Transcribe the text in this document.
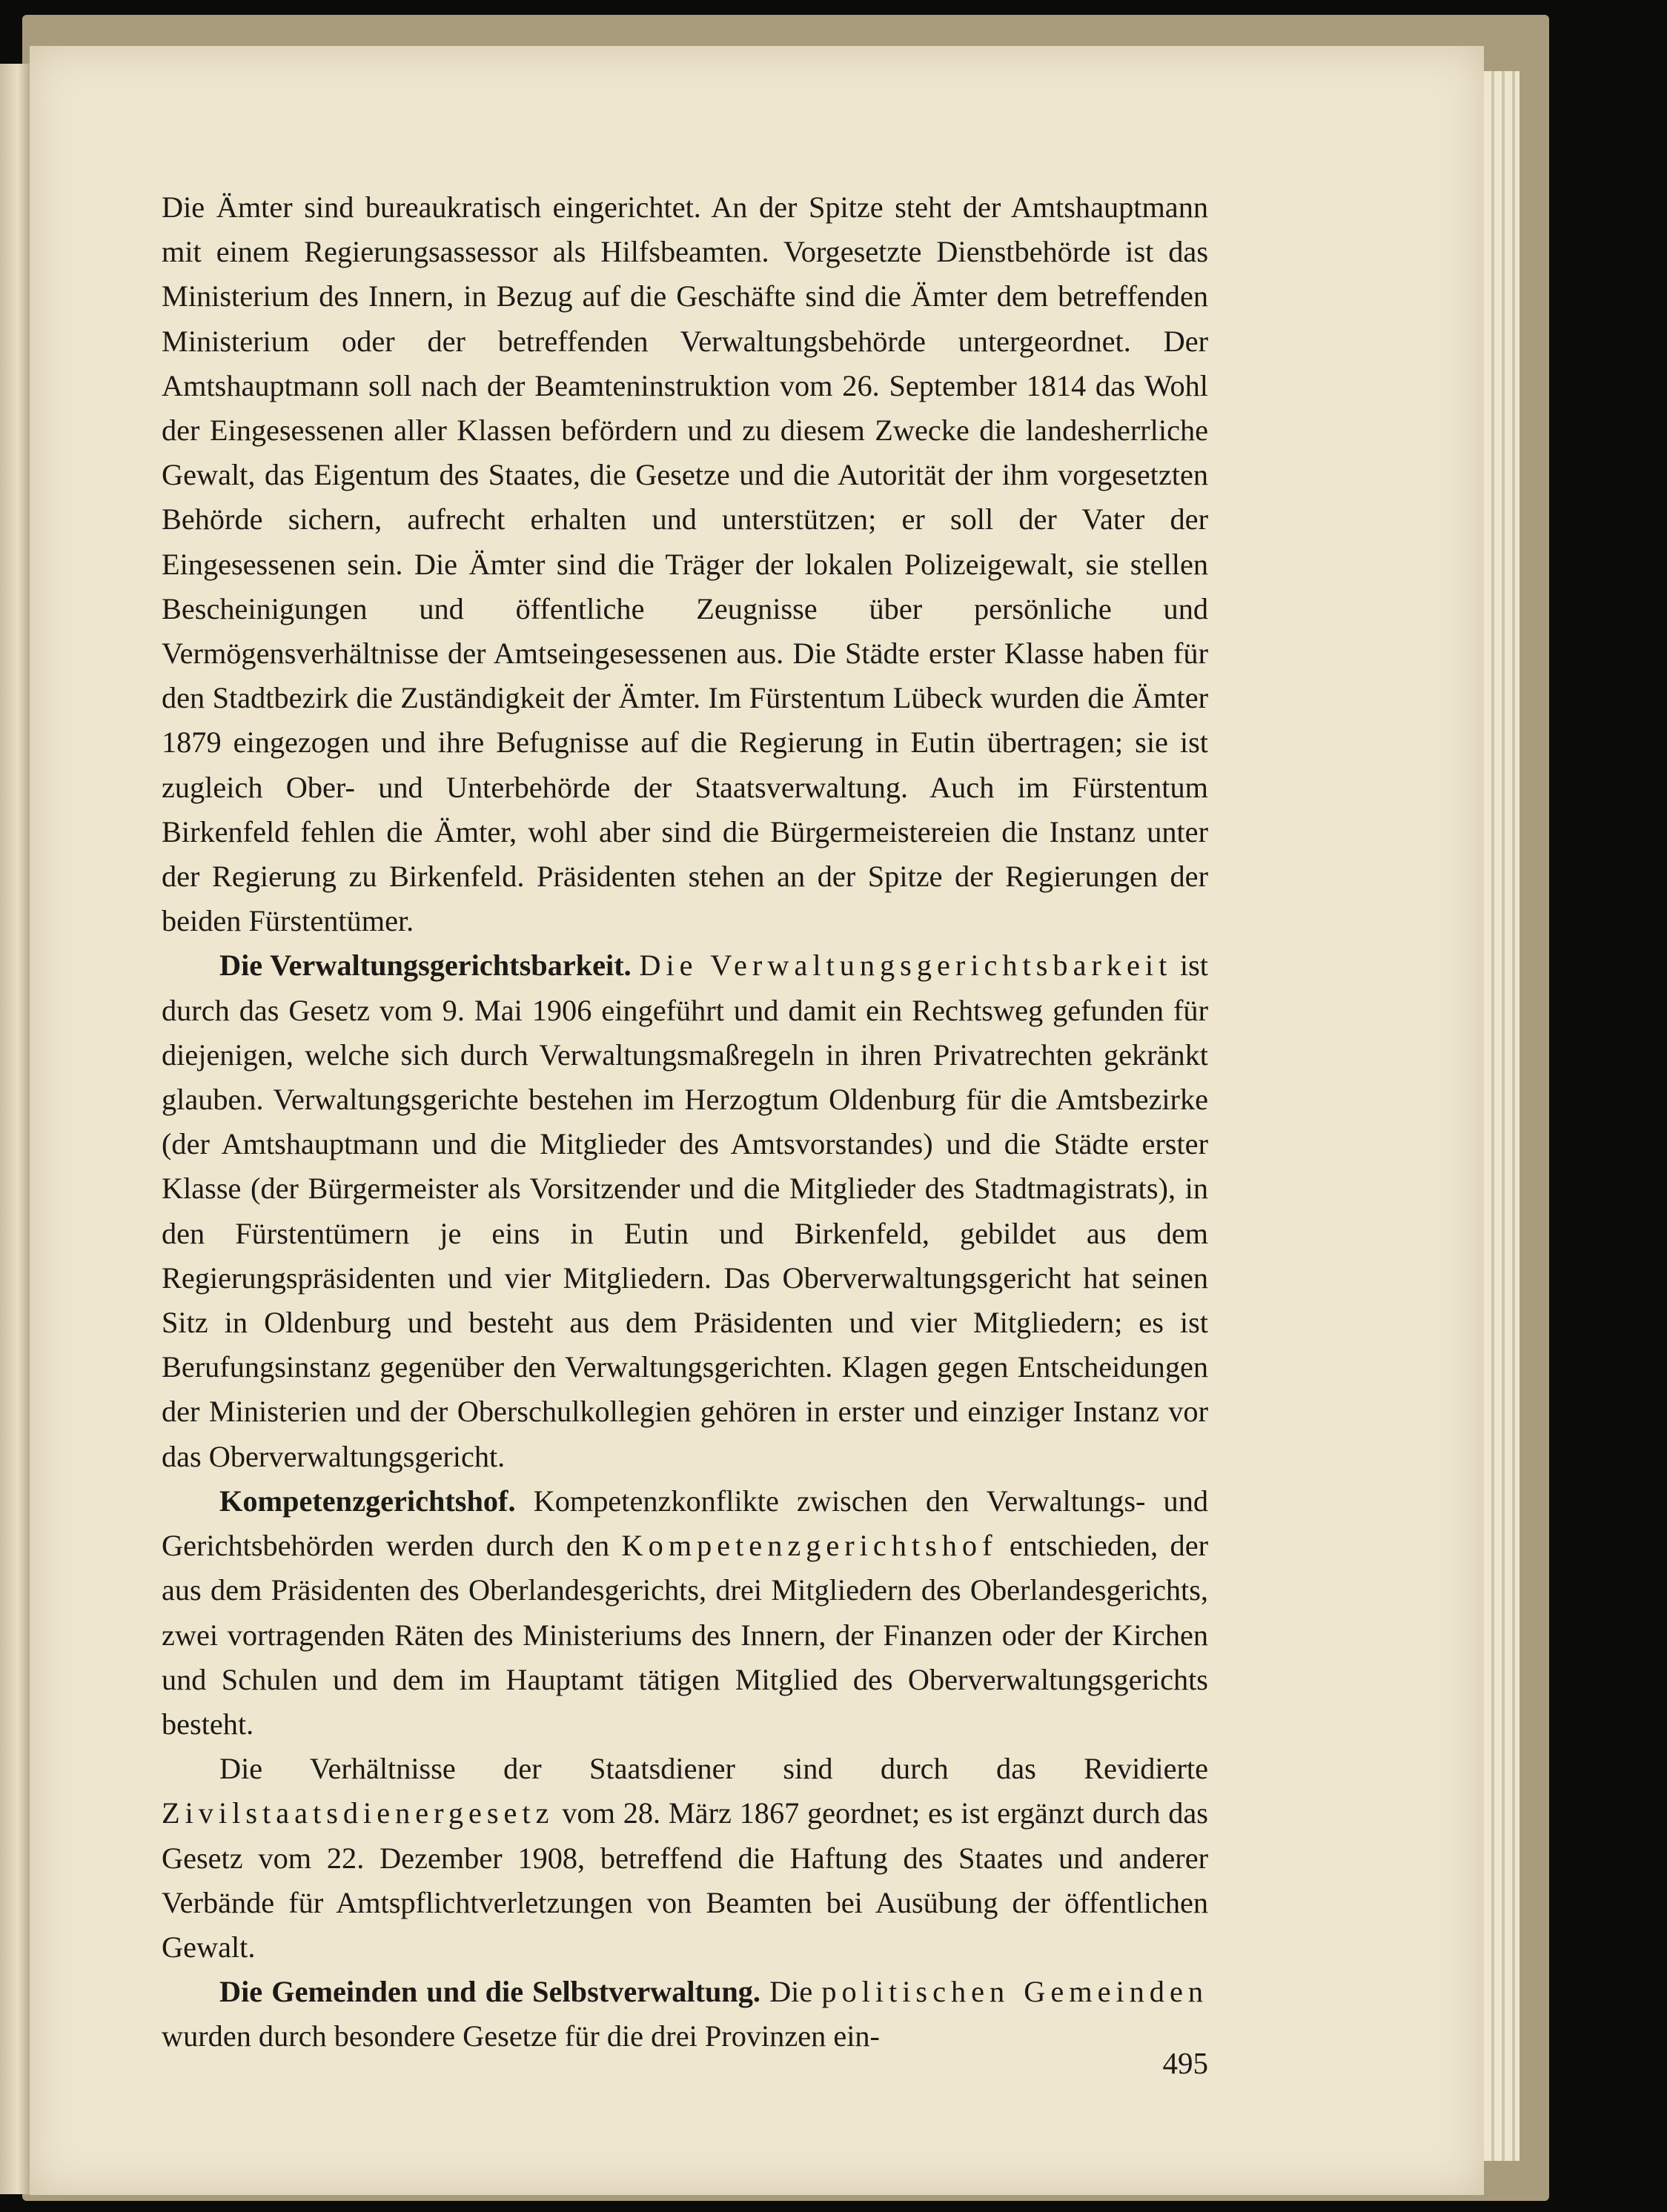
Die Ämter sind bureaukratisch eingerichtet. An der Spitze steht der Amtshauptmann mit einem Regierungsassessor als Hilfsbeamten. Vorgesetzte Dienstbehörde ist das Ministerium des Innern, in Bezug auf die Geschäfte sind die Ämter dem betreffenden Ministerium oder der betreffenden Verwaltungsbehörde untergeordnet. Der Amtshauptmann soll nach der Beamteninstruktion vom 26. September 1814 das Wohl der Eingesessenen aller Klassen befördern und zu diesem Zwecke die landesherrliche Gewalt, das Eigentum des Staates, die Gesetze und die Autorität der ihm vorgesetzten Behörde sichern, aufrecht erhalten und unterstützen; er soll der Vater der Eingesessenen sein. Die Ämter sind die Träger der lokalen Polizeigewalt, sie stellen Bescheinigungen und öffentliche Zeugnisse über persönliche und Vermögensverhältnisse der Amtseingesessenen aus. Die Städte erster Klasse haben für den Stadtbezirk die Zuständigkeit der Ämter. Im Fürstentum Lübeck wurden die Ämter 1879 eingezogen und ihre Befugnisse auf die Regierung in Eutin übertragen; sie ist zugleich Ober- und Unterbehörde der Staatsverwaltung. Auch im Fürstentum Birkenfeld fehlen die Ämter, wohl aber sind die Bürgermeistereien die Instanz unter der Regierung zu Birkenfeld. Präsidenten stehen an der Spitze der Regierungen der beiden Fürstentümer.

Die Verwaltungsgerichtsbarkeit. Die Verwaltungsgerichtsbarkeit ist durch das Gesetz vom 9. Mai 1906 eingeführt und damit ein Rechtsweg gefunden für diejenigen, welche sich durch Verwaltungsmaßregeln in ihren Privatrechten gekränkt glauben. Verwaltungsgerichte bestehen im Herzogtum Oldenburg für die Amtsbezirke (der Amtshauptmann und die Mitglieder des Amtsvorstandes) und die Städte erster Klasse (der Bürgermeister als Vorsitzender und die Mitglieder des Stadtmagistrats), in den Fürstentümern je eins in Eutin und Birkenfeld, gebildet aus dem Regierungspräsidenten und vier Mitgliedern. Das Oberverwaltungsgericht hat seinen Sitz in Oldenburg und besteht aus dem Präsidenten und vier Mitgliedern; es ist Berufungsinstanz gegenüber den Verwaltungsgerichten. Klagen gegen Entscheidungen der Ministerien und der Oberschulkollegien gehören in erster und einziger Instanz vor das Oberverwaltungsgericht.

Kompetenzgerichtshof. Kompetenzkonflikte zwischen den Verwaltungs- und Gerichtsbehörden werden durch den Kompetenzgerichtshof entschieden, der aus dem Präsidenten des Oberlandesgerichts, drei Mitgliedern des Oberlandesgerichts, zwei vortragenden Räten des Ministeriums des Innern, der Finanzen oder der Kirchen und Schulen und dem im Hauptamt tätigen Mitglied des Oberverwaltungsgerichts besteht.

Die Verhältnisse der Staatsdiener sind durch das Revidierte Zivilstaatsdienergesetz vom 28. März 1867 geordnet; es ist ergänzt durch das Gesetz vom 22. Dezember 1908, betreffend die Haftung des Staates und anderer Verbände für Amtspflichtverletzungen von Beamten bei Ausübung der öffentlichen Gewalt.

Die Gemeinden und die Selbstverwaltung. Die politischen Gemeinden wurden durch besondere Gesetze für die drei Provinzen ein-

495
